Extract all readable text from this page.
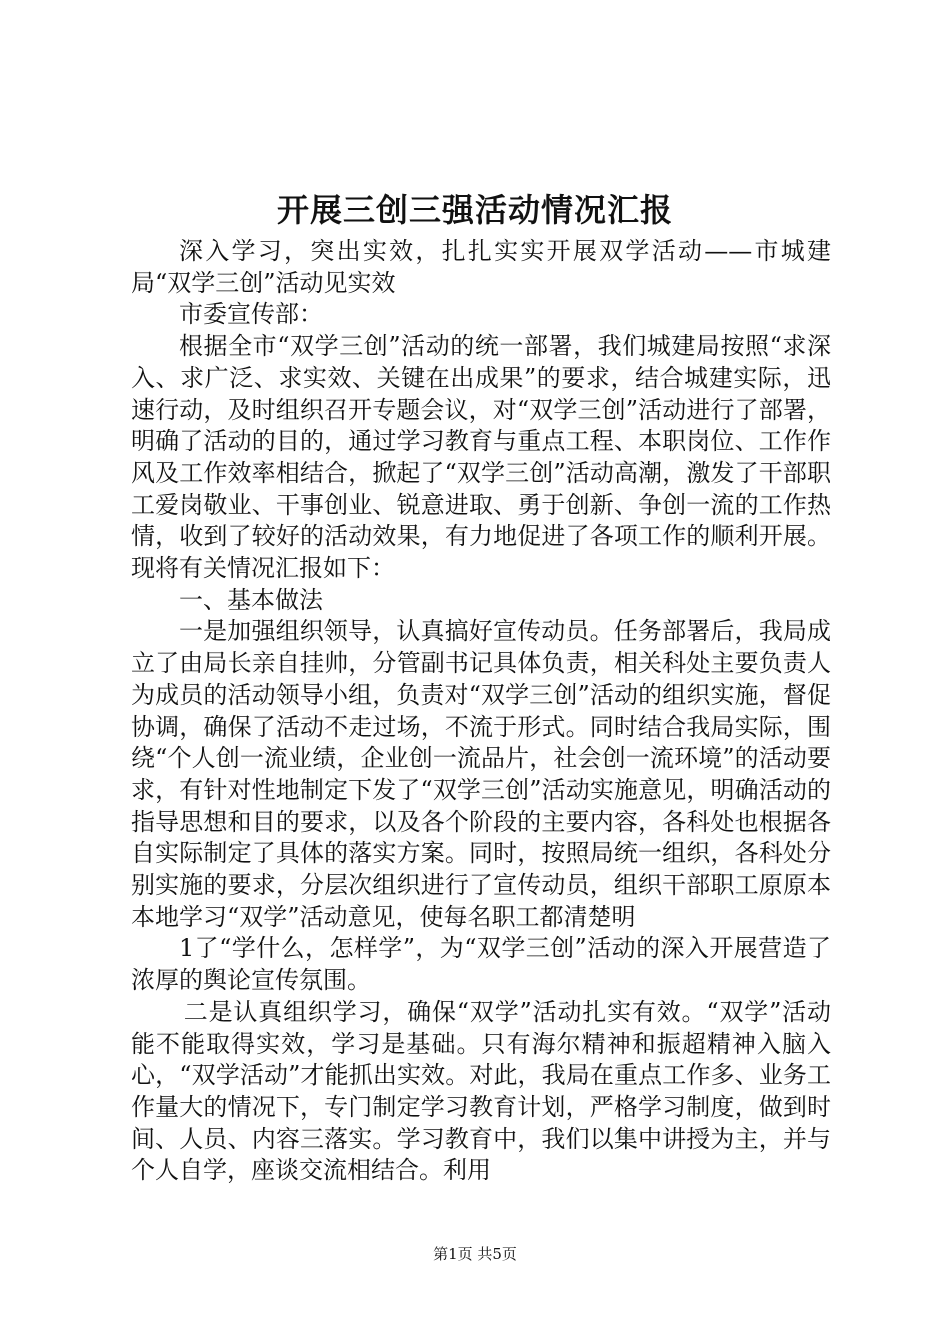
开展三创三强活动情况汇报

深入学习，突出实效，扎扎实实开展双学活动——市城建局“双学三创”活动见实效

市委宣传部：

根据全市“双学三创”活动的统一部署，我们城建局按照“求深入、求广泛、求实效、关键在出成果”的要求，结合城建实际，迅速行动，及时组织召开专题会议，对“双学三创”活动进行了部署，明确了活动的目的，通过学习教育与重点工程、本职岗位、工作作风及工作效率相结合，掀起了“双学三创”活动高潮，激发了干部职工爱岗敬业、干事创业、锐意进取、勇于创新、争创一流的工作热情，收到了较好的活动效果，有力地促进了各项工作的顺利开展。现将有关情况汇报如下：

一、基本做法

一是加强组织领导，认真搞好宣传动员。任务部署后，我局成立了由局长亲自挂帅，分管副书记具体负责，相关科处主要负责人为成员的活动领导小组，负责对“双学三创”活动的组织实施，督促协调，确保了活动不走过场，不流于形式。同时结合我局实际，围绕“个人创一流业绩，企业创一流品片，社会创一流环境”的活动要求，有针对性地制定下发了“双学三创”活动实施意见，明确活动的指导思想和目的要求，以及各个阶段的主要内容，各科处也根据各自实际制定了具体的落实方案。同时，按照局统一组织，各科处分别实施的要求，分层次组织进行了宣传动员，组织干部职工原原本本地学习“双学”活动意见，使每名职工都清楚明

1了“学什么，怎样学”，为“双学三创”活动的深入开展营造了浓厚的舆论宣传氛围。

二是认真组织学习，确保“双学”活动扎实有效。“双学”活动能不能取得实效，学习是基础。只有海尔精神和振超精神入脑入心，“双学活动”才能抓出实效。对此，我局在重点工作多、业务工作量大的情况下，专门制定学习教育计划，严格学习制度，做到时间、人员、内容三落实。学习教育中，我们以集中讲授为主，并与个人自学，座谈交流相结合。利用

第1页 共5页
